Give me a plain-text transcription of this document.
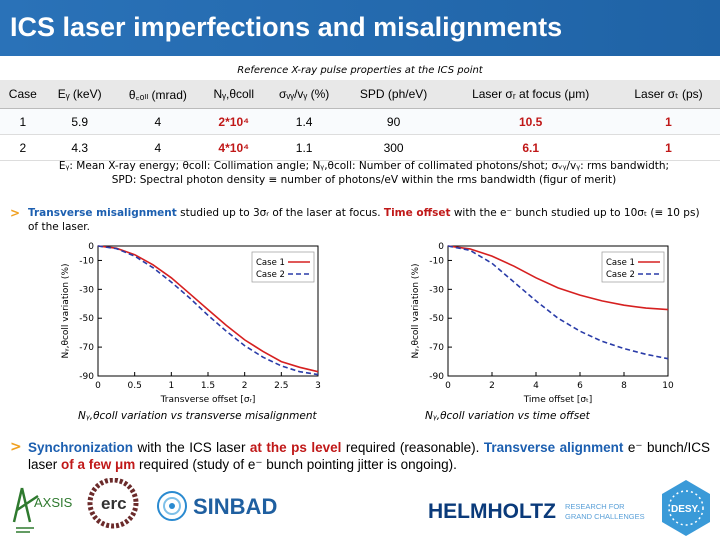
ICS laser imperfections and misalignments
Reference X-ray pulse properties at the ICS point
Case	Eᵧ (keV)	θ꜀ₒₗₗ (mrad)	Nᵧ,θcoll	σᵥᵧ/vᵧ (%)	SPD (ph/eV)	Laser σᵣ at focus (μm)	Laser σₜ (ps)
1	5.9	4	2*10⁴	1.4	90	10.5	1
2	4.3	4	4*10⁴	1.1	300	6.1	1
Eᵧ: Mean X-ray energy; θcoll: Collimation angle; Nᵧ,θcoll: Number of collimated photons/shot; σᵥᵧ/vᵧ: rms bandwidth;
SPD: Spectral photon density ≡ number of photons/eV within the rms bandwidth (figur of merit)
> Transverse misalignment studied up to 3σᵣ of the laser at focus. Time offset with the e⁻ bunch studied up to 10σₜ (≡ 10 ps) of the laser.
0	0.5	1	1.5	2	2.5	3
0
-10
-30
-50
-70
-90
Nᵧ,θcoll variation (%)
Transverse offset [σᵣ]
Case 1
Case 2
0	2	4	6	8	10
0
-10
-30
-50
-70
-90
Nᵧ,θcoll variation (%)
Time offset [σₜ]
Case 1
Case 2
Nᵧ,θcoll variation vs transverse misalignment	Nᵧ,θcoll variation vs time offset
> Synchronization with the ICS laser at the ps level required (reasonable). Transverse alignment e⁻ bunch/ICS laser of a few μm required (study of e⁻ bunch pointing jitter is ongoing).
AXSIS erc	SINBAD	HELMHOLTZ RESEARCH FOR
GRAND CHALLENGES
DESY.
